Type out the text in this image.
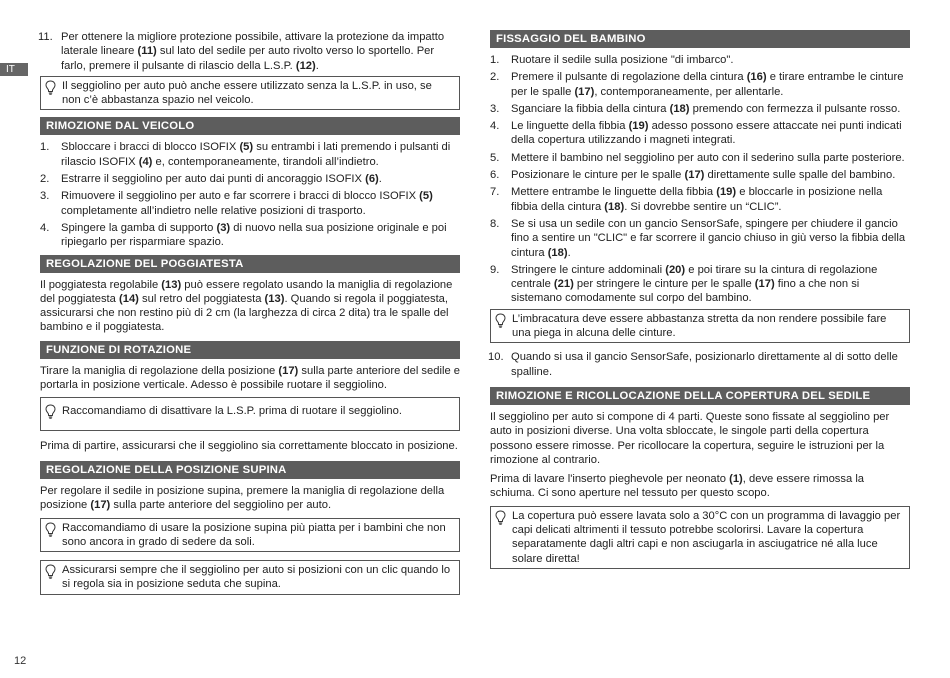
IT
11. Per ottenere la migliore protezione possibile, attivare la protezione da impatto laterale lineare (11) sul lato del sedile per auto rivolto verso lo sportello. Per farlo, premere il pulsante di rilascio della L.S.P. (12).
Il seggiolino per auto può anche essere utilizzato senza la L.S.P. in uso, se non c’è abbastanza spazio nel veicolo.
RIMOZIONE DAL VEICOLO
1. Sbloccare i bracci di blocco ISOFIX (5) su entrambi i lati premendo i pulsanti di rilascio ISOFIX (4) e, contemporaneamente, tirandoli all’indietro.
2. Estrarre il seggiolino per auto dai punti di ancoraggio ISOFIX (6).
3. Rimuovere il seggiolino per auto e far scorrere i bracci di blocco ISOFIX (5) completamente all’indietro nelle relative posizioni di trasporto.
4. Spingere la gamba di supporto (3) di nuovo nella sua posizione originale e poi ripiegarlo per risparmiare spazio.
REGOLAZIONE DEL POGGIATESTA

Il poggiatesta regolabile (13) può essere regolato usando la maniglia di regolazione del poggiatesta (14) sul retro del poggiatesta (13). Quando si regola il poggiatesta, assicurarsi che non restino più di 2 cm (la larghezza di circa 2 dita) tra le spalle del bambino e il poggiatesta.

FUNZIONE DI ROTAZIONE

Tirare la maniglia di regolazione della posizione (17) sulla parte anteriore del sedile e portarla in posizione verticale. Adesso è possibile ruotare il seggiolino.

Raccomandiamo di disattivare la L.S.P. prima di ruotare il seggiolino.

Prima di partire, assicurarsi che il seggiolino sia correttamente bloccato in posizione.

REGOLAZIONE DELLA POSIZIONE SUPINA

Per regolare il sedile in posizione supina, premere la maniglia di regolazione della posizione (17) sulla parte anteriore del seggiolino per auto.

Raccomandiamo di usare la posizione supina più piatta per i bambini che non sono ancora in grado di sedere da soli.
Assicurarsi sempre che il seggiolino per auto si posizioni con un clic quando lo si regola sia in posizione seduta che supina.
FISSAGGIO DEL BAMBINO
1. Ruotare il sedile sulla posizione "di imbarco".
2. Premere il pulsante di regolazione della cintura (16) e tirare entrambe le cinture per le spalle (17), contemporaneamente, per allentarle.
3. Sganciare la fibbia della cintura (18) premendo con fermezza il pulsante rosso.
4. Le linguette della fibbia (19) adesso possono essere attaccate nei punti indicati della copertura utilizzando i magneti integrati.
5. Mettere il bambino nel seggiolino per auto con il sederino sulla parte posteriore.
6. Posizionare le cinture per le spalle (17) direttamente sulle spalle del bambino.
7. Mettere entrambe le linguette della fibbia (19) e bloccarle in posizione nella fibbia della cintura (18). Si dovrebbe sentire un “CLIC”.
8. Se si usa un sedile con un gancio SensorSafe, spingere per chiudere il gancio fino a sentire un "CLIC" e far scorrere il gancio chiuso in giù verso la fibbia della cintura (18).
9. Stringere le cinture addominali (20) e poi tirare su la cintura di regolazione centrale (21) per stringere le cinture per le spalle (17) fino a che non si sistemano comodamente sul corpo del bambino.
L’imbracatura deve essere abbastanza stretta da non rendere possibile fare una piega in alcuna delle cinture.
10. Quando si usa il gancio SensorSafe, posizionarlo direttamente al di sotto delle spalline.
RIMOZIONE E RICOLLOCAZIONE DELLA COPERTURA DEL SEDILE

Il seggiolino per auto si compone di 4 parti. Queste sono fissate al seggiolino per auto in posizioni diverse. Una volta sbloccate, le singole parti della copertura possono essere rimosse. Per ricollocare la copertura, seguire le istruzioni per la rimozione al contrario.

Prima di lavare l'inserto pieghevole per neonato (1), deve essere rimossa la schiuma. Ci sono aperture nel tessuto per questo scopo.

La copertura può essere lavata solo a 30°C con un programma di lavaggio per capi delicati altrimenti il tessuto potrebbe scolorirsi. Lavare la copertura separatamente dagli altri capi e non asciugarla in asciugatrice né alla luce solare diretta!
12
